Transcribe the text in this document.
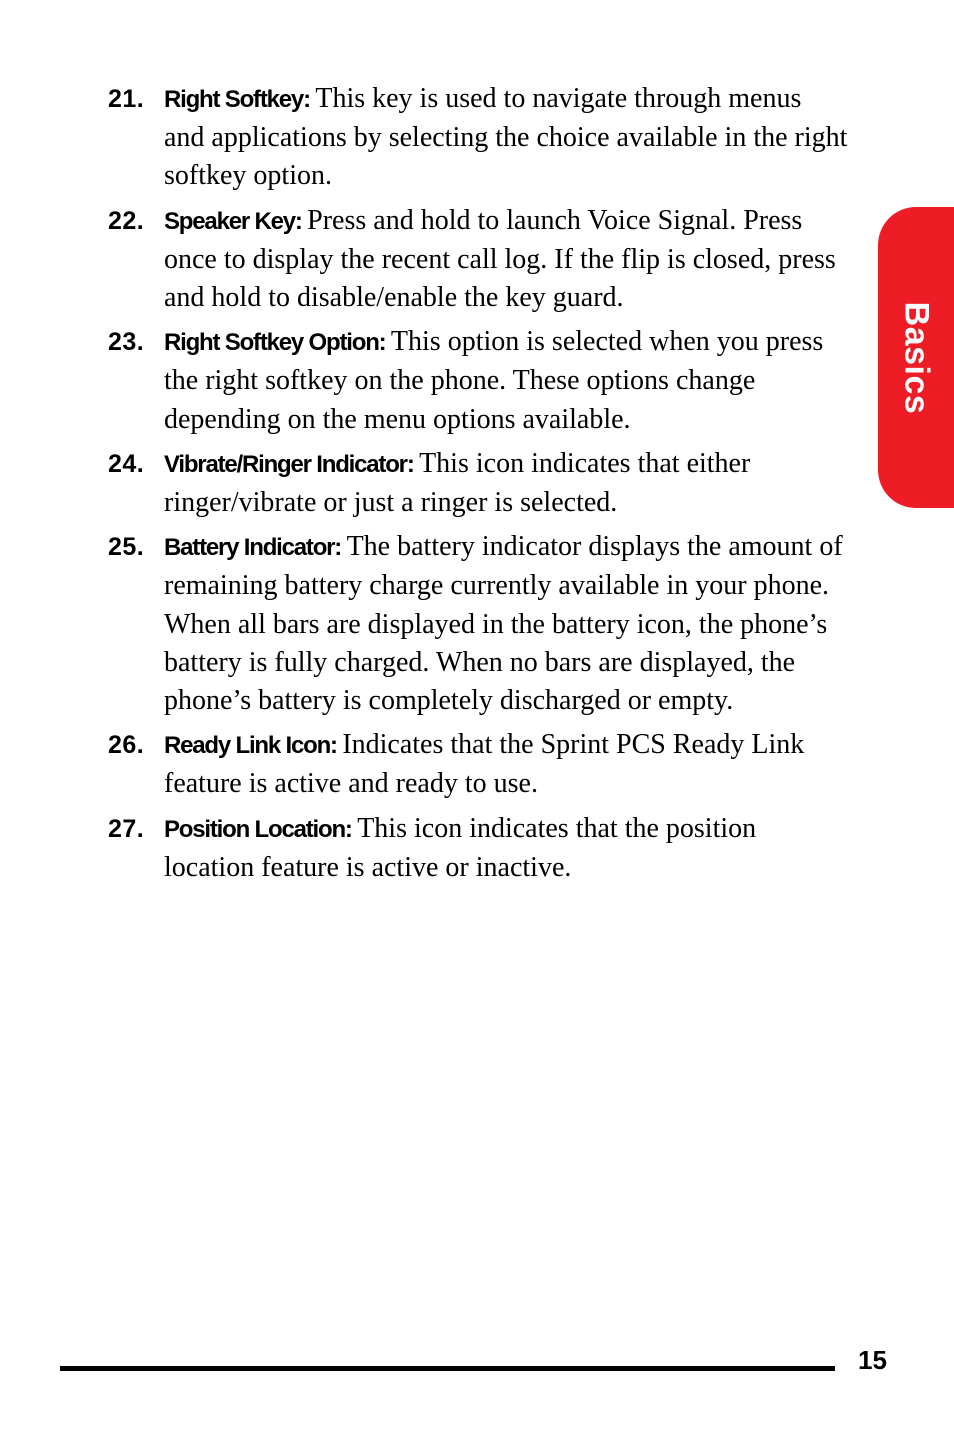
21. Right Softkey: This key is used to navigate through menus and applications by selecting the choice available in the right softkey option.
22. Speaker Key: Press and hold to launch Voice Signal. Press once to display the recent call log. If the flip is closed, press and hold to disable/enable the key guard.
23. Right Softkey Option: This option is selected when you press the right softkey on the phone. These options change depending on the menu options available.
24. Vibrate/Ringer Indicator: This icon indicates that either ringer/vibrate or just a ringer is selected.
25. Battery Indicator: The battery indicator displays the amount of remaining battery charge currently available in your phone. When all bars are displayed in the battery icon, the phone’s battery is fully charged. When no bars are displayed, the phone’s battery is completely discharged or empty.
26. Ready Link Icon: Indicates that the Sprint PCS Ready Link feature is active and ready to use.
27. Position Location: This icon indicates that the position location feature is active or inactive.
Basics
15
